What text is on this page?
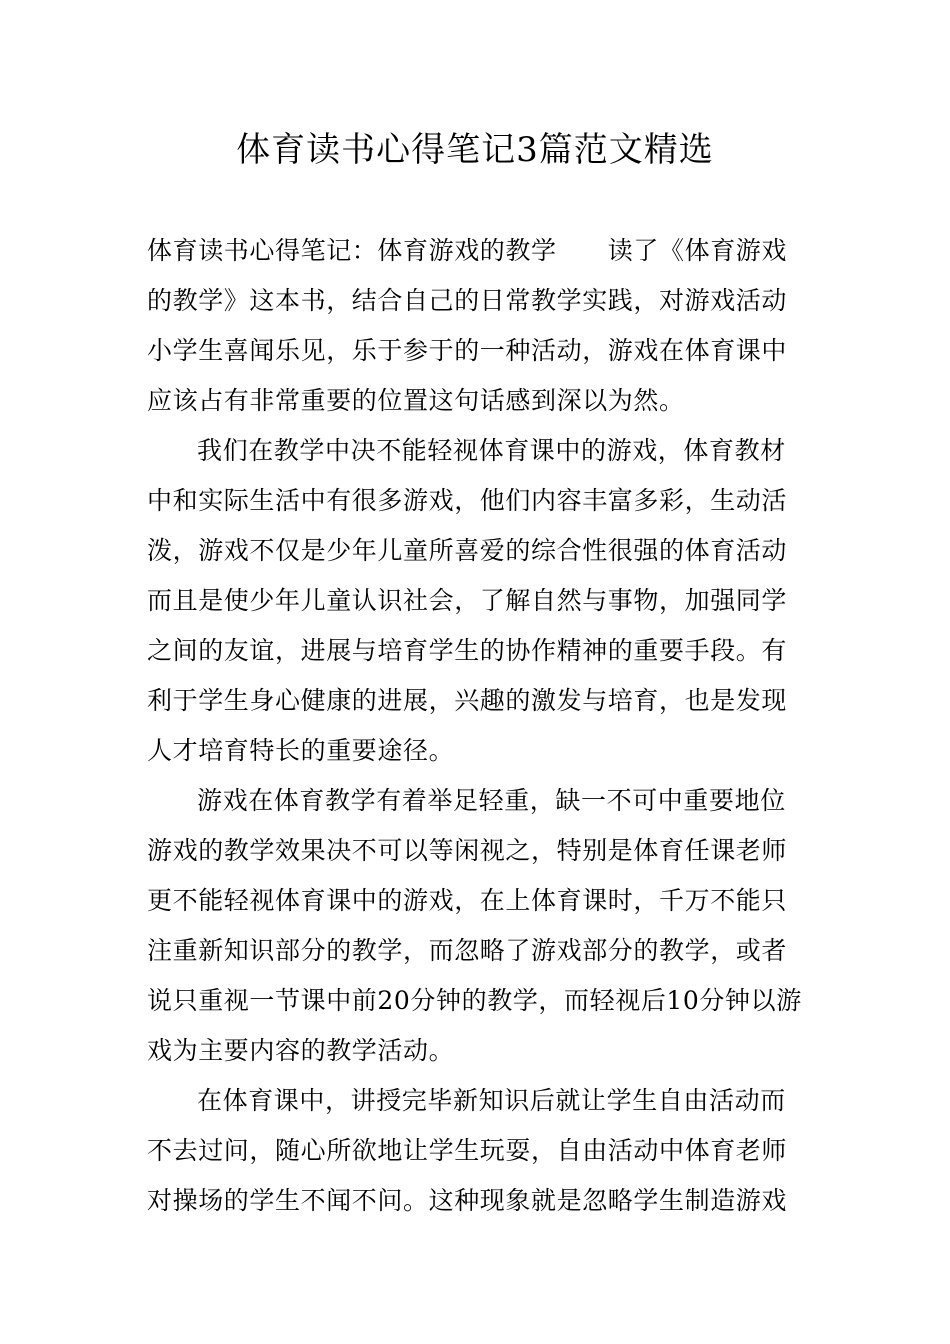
体育读书心得笔记3篇范文精选
体育读书心得笔记：体育游戏的教学　　读了《体育游戏
的教学》这本书，结合自己的日常教学实践，对游戏活动
小学生喜闻乐见，乐于参于的一种活动，游戏在体育课中
应该占有非常重要的位置这句话感到深以为然。
我们在教学中决不能轻视体育课中的游戏，体育教材
中和实际生活中有很多游戏，他们内容丰富多彩，生动活
泼，游戏不仅是少年儿童所喜爱的综合性很强的体育活动
而且是使少年儿童认识社会，了解自然与事物，加强同学
之间的友谊，进展与培育学生的协作精神的重要手段。有
利于学生身心健康的进展，兴趣的激发与培育，也是发现
人才培育特长的重要途径。
游戏在体育教学有着举足轻重，缺一不可中重要地位
游戏的教学效果决不可以等闲视之，特别是体育任课老师
更不能轻视体育课中的游戏，在上体育课时，千万不能只
注重新知识部分的教学，而忽略了游戏部分的教学，或者
说只重视一节课中前20分钟的教学，而轻视后10分钟以游
戏为主要内容的教学活动。
在体育课中，讲授完毕新知识后就让学生自由活动而
不去过问，随心所欲地让学生玩耍，自由活动中体育老师
对操场的学生不闻不问。这种现象就是忽略学生制造游戏
